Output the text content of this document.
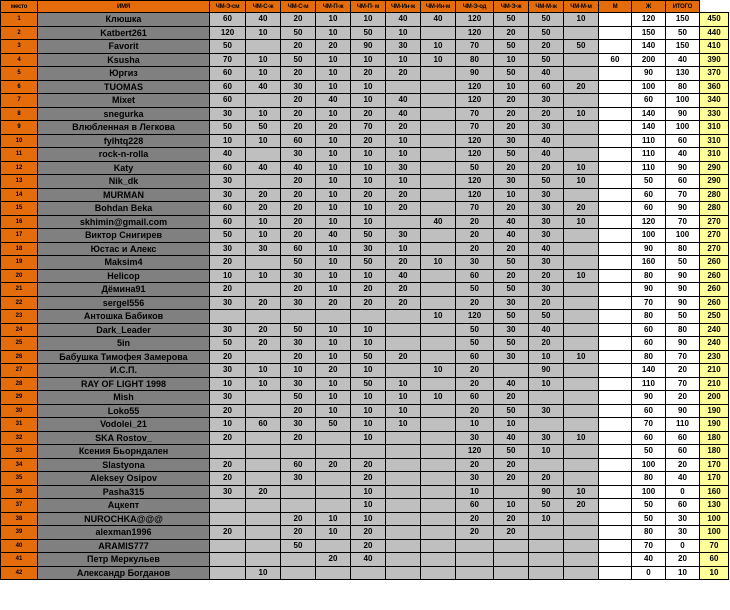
место	ИМЯ	ЧМ-Э-см	ЧМ-С-ж	ЧМ-С-м	ЧМ-П-ж	ЧМ-П- м	ЧМ-Ин-ж	ЧМ-Ин-м	ЧМ-Э-од	ЧМ-Э-ж	ЧМ-М-ж	ЧМ-М-м	М	Ж	ИТОГО	
1	Клюшка	60	40	20	10	10	40	40	120	50	50	10		120	150	450
2	Katbert261	120	10	50	10	50	10		120	20	50			150	50	440
3	Favorit	50		20	20	90	30	10	70	50	20	50		140	150	410
4	Ksusha	70	10	50	10	10	10	10	80	10	50		60	200	40	390
5	Юргиз	60	10	20	10	20	20		90	50	40			90	130	370
6	TUOMAS	60	40	30	10	10			120	10	60	20		100	80	360
7	Mixet	60		20	40	10	40		120	20	30			60	100	340
8	snegurka	30	10	20	10	20	40		70	20	20	10		140	90	330
9	Влюбленная в Легкова	50	50	20	20	70	20		70	20	30			140	100	310
10	fylhtq228	10	10	60	10	20	10		120	30	40			110	60	310
11	rock-n-rolla	40		30	10	10	10		120	50	40			110	40	310
12	Katy	60	40	40	10	10	30		50	20	20	10		110	90	290
13	Nik_dk	30		20	10	10	10		120	30	50	10		50	60	290
14	MURMAN	30	20	20	10	20	20		120	10	30			60	70	280
15	Bohdan Beka	60	20	20	10	10	20		70	20	30	20		60	90	280
16	skhimin@gmail.com	60	10	20	10	10		40	20	40	30	10		120	70	270
17	Виктор Снигирев	50	10	20	40	50	30		20	40	30			100	100	270
18	Юстас и Алекс	30	30	60	10	30	10		20	20	40			90	80	270
19	Maksim4	20		50	10	50	20	10	30	50	30			160	50	260
20	Helicop	10	10	30	10	10	40		60	20	20	10		80	90	260
21	Дёмина91	20		20	10	20	20		50	50	30			90	90	260
22	sergel556	30	20	30	20	20	20		20	30	20			70	90	260
23	Антошка Бабиков							10	120	50	50			80	50	250
24	Dark_Leader	30	20	50	10	10			50	30	40			60	80	240
25	5in	50	20	30	10	10			50	50	20			60	90	240
26	Бабушка Тимофея Замерова	20		20	10	50	20		60	30	10	10		80	70	230
27	И.С.П.	30	10	10	20	10		10	20		90			140	20	210
28	RAY OF LIGHT 1998	10	10	30	10	50	10		20	40	10			110	70	210
29	Mish	30		50	10	10	10	10	60	20				90	20	200
30	Loko55	20		20	10	10	10		20	50	30			60	90	190
31	Vodolei_21	10	60	30	50	10	10		10	10				70	110	190
32	SKA Rostov_	20		20		10			30	40	30	10		60	60	180
33	Ксения Бьорндален								120	50	10			50	60	180
34	Slastyona	20		60	20	20			20	20				100	20	170
35	Aleksey Osipov	20		30		20			30	20	20			80	40	170
36	Pasha315	30	20			10			10		90	10		100	0	160
37	Ацкепт					10			60	10	50	20		50	60	130
38	NUROCHKA@@@			20	10	10			20	20	10			50	30	100
39	alexman1996	20		20	10	20			20	20				80	30	100
40	ARAMIS777			50		20								70	0	70
41	Петр Меркульев				20	40								40	20	60
42	Александр Богданов		10											0	10	10
